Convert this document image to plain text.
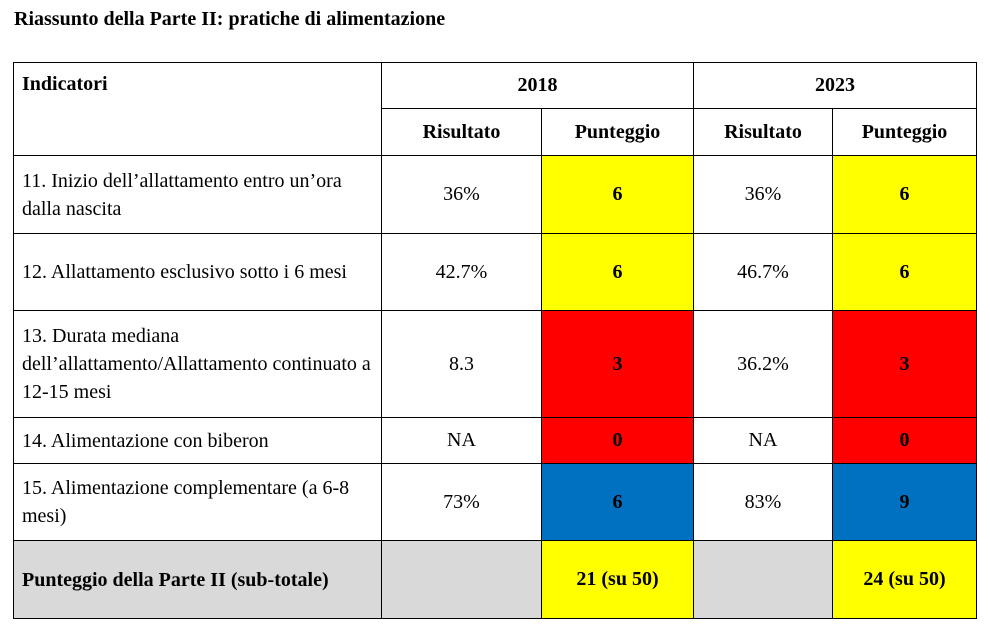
Riassunto della Parte II: pratiche di alimentazione
Indicatori	2018		2023	
	Risultato	Punteggio	Risultato	Punteggio
11. Inizio dell’allattamento entro un’ora dalla nascita	36%	6	36%	6
12. Allattamento esclusivo sotto i 6 mesi	42.7%	6	46.7%	6
13. Durata mediana dell’allattamento/Allattamento continuato a 12-15 mesi	8.3	3	36.2%	3
14. Alimentazione con biberon	NA	0	NA	0
15. Alimentazione complementare (a 6-8 mesi)	73%	6	83%	9
Punteggio della Parte II (sub-totale)		21 (su 50)		24 (su 50)
